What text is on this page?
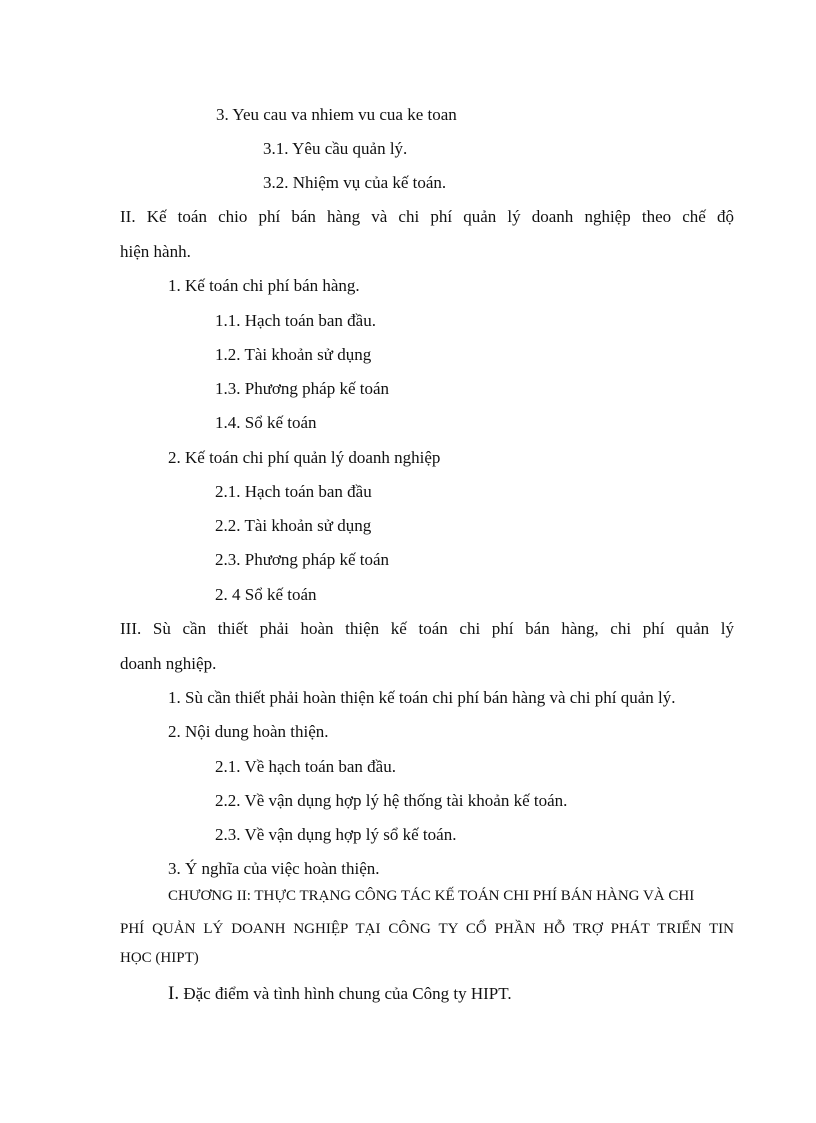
3. Yeu cau va nhiem vu cua ke toan
3.1. Yêu cầu quản lý.
3.2. Nhiệm vụ của kế toán.
II. Kế toán chio phí bán hàng và chi phí quản lý doanh nghiệp theo chế độ
hiện hành.
1. Kế toán chi phí bán hàng.
1.1. Hạch toán ban đầu.
1.2. Tài khoản sử dụng
1.3. Phương pháp kế toán
1.4. Sổ kế toán
2. Kế toán chi phí quản lý doanh nghiệp
2.1. Hạch toán ban đầu
2.2. Tài khoản sử dụng
2.3. Phương pháp kế toán
2. 4 Sổ kế toán
III. Sù cần thiết phải hoàn thiện kế toán chi phí bán hàng, chi phí quản lý
doanh nghiệp.
1. Sù cần thiết phải hoàn thiện kế toán chi phí bán hàng và chi phí quản lý.
2. Nội dung hoàn thiện.
2.1. Về hạch toán ban đầu.
2.2. Về vận dụng hợp lý hệ thống tài khoản kế toán.
2.3. Về vận dụng hợp lý sổ kế toán.
3. Ý nghĩa của việc hoàn thiện.
CHƯƠNG II: THỰC TRẠNG CÔNG TÁC KẾ TOÁN CHI PHÍ BÁN HÀNG VÀ CHI
PHÍ QUẢN LÝ DOANH NGHIỆP TẠI CÔNG TY CỔ PHẦN HỖ TRỢ PHÁT TRIỂN TIN
HỌC (HIPT)
I. Đặc điểm và tình hình chung của Công ty HIPT.
